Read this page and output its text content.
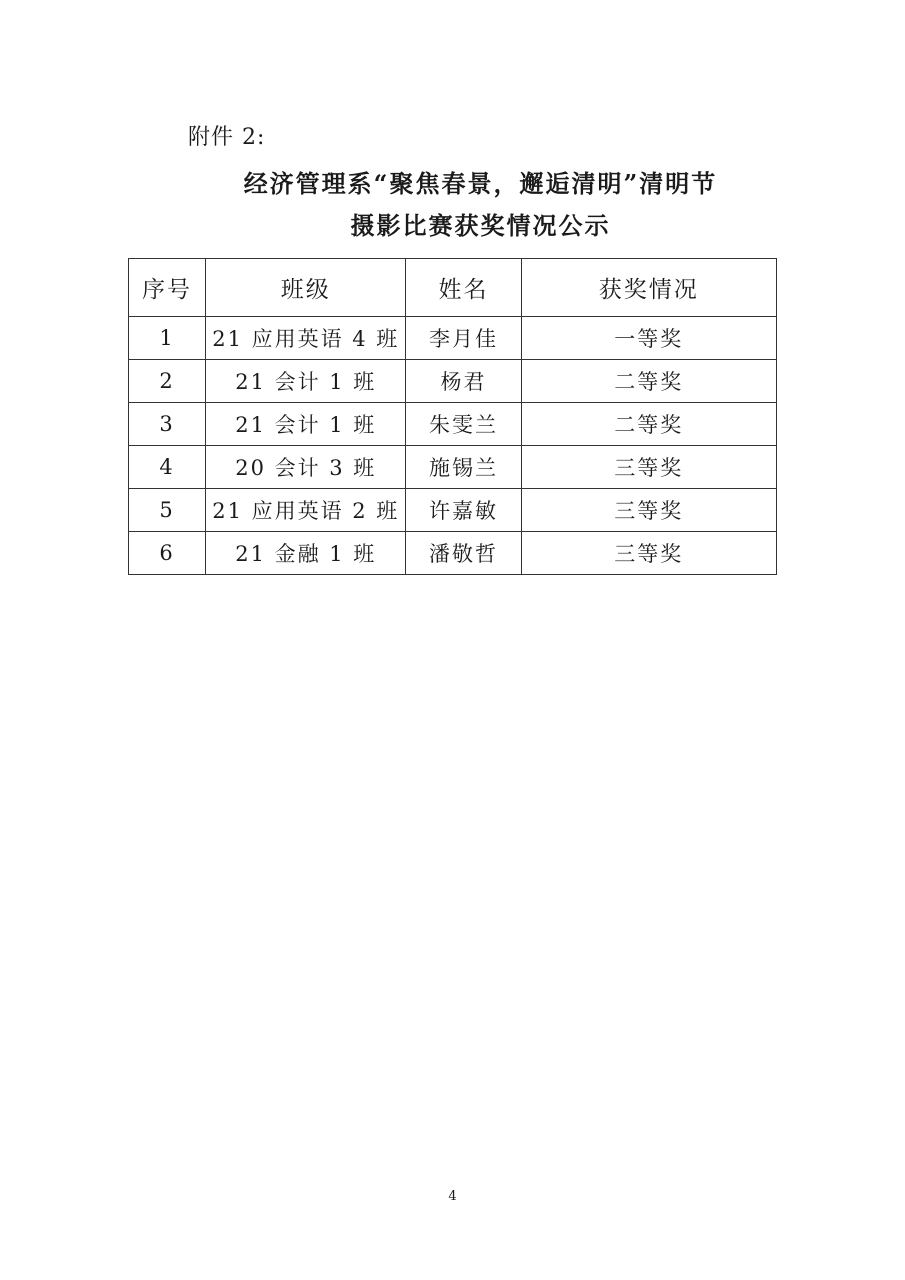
附件 2:
经济管理系“聚焦春景，邂逅清明”清明节
摄影比赛获奖情况公示
序号	班级	姓名	获奖情况
1	21 应用英语 4 班	李月佳	一等奖
2	21 会计 1 班	杨君	二等奖
3	21 会计 1 班	朱雯兰	二等奖
4	20 会计 3 班	施锡兰	三等奖
5	21 应用英语 2 班	许嘉敏	三等奖
6	21 金融 1 班	潘敬哲	三等奖
4
